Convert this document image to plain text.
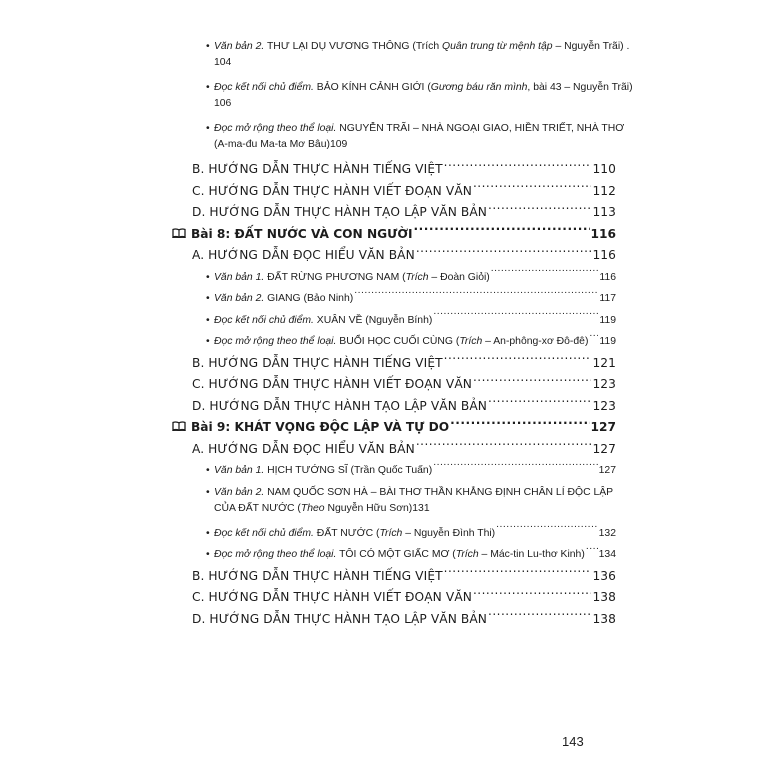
• Văn bản 2. THƯ LẠI DỤ VƯƠNG THÔNG (Trích Quân trung từ mệnh tập – Nguyễn Trãi) .
104
• Đọc kết nối chủ điểm. BẢO KÍNH CẢNH GIỚI (Gương báu răn mình, bài 43 – Nguyễn Trãi)
106
• Đọc mở rộng theo thể loại. NGUYỄN TRÃI – NHÀ NGOẠI GIAO, HIỀN TRIẾT, NHÀ THƠ
(A-ma-đu Ma-ta Mơ Bâu) 109
B. HƯỚNG DẪN THỰC HÀNH TIẾNG VIỆT .....	110
C. HƯỚNG DẪN THỰC HÀNH VIẾT ĐOẠN VĂN .....	112
D. HƯỚNG DẪN THỰC HÀNH TẠO LẬP VĂN BẢN .....	113
Bài 8: ĐẤT NƯỚC VÀ CON NGƯỜI .....	116
A. HƯỚNG DẪN ĐỌC HIỂU VĂN BẢN .....	116
• Văn bản 1. ĐẤT RỪNG PHƯƠNG NAM (Trích – Đoàn Giỏi) .....	116
• Văn bản 2. GIANG (Bảo Ninh) .....	117
• Đọc kết nối chủ điểm. XUÂN VỀ (Nguyễn Bính) .....	119
• Đọc mở rộng theo thể loại. BUỔI HỌC CUỐI CÙNG (Trích – An-phông-xơ Đô-đê) ..... 119
B. HƯỚNG DẪN THỰC HÀNH TIẾNG VIỆT .....	121
C. HƯỚNG DẪN THỰC HÀNH VIẾT ĐOẠN VĂN .....	123
D. HƯỚNG DẪN THỰC HÀNH TẠO LẬP VĂN BẢN .....	123
Bài 9: KHÁT VỌNG ĐỘC LẬP VÀ TỰ DO .....	127
A. HƯỚNG DẪN ĐỌC HIỂU VĂN BẢN .....	127
• Văn bản 1. HỊCH TƯỚNG SĨ (Trần Quốc Tuấn) .....	127
• Văn bản 2. NAM QUỐC SƠN HÀ – BÀI THƠ THẦN KHẲNG ĐỊNH CHÂN LÍ ĐỘC LẬP
CỦA ĐẤT NƯỚC (Theo Nguyễn Hữu Sơn) 131
• Đọc kết nối chủ điểm. ĐẤT NƯỚC (Trích – Nguyễn Đình Thi) .....	132
• Đọc mở rộng theo thể loại. TÔI CÓ MỘT GIẤC MƠ (Trích – Mác-tin Lu-thơ Kinh) ..... 134
B. HƯỚNG DẪN THỰC HÀNH TIẾNG VIỆT .....	136
C. HƯỚNG DẪN THỰC HÀNH VIẾT ĐOẠN VĂN .....	138
D. HƯỚNG DẪN THỰC HÀNH TẠO LẬP VĂN BẢN .....	138
143
